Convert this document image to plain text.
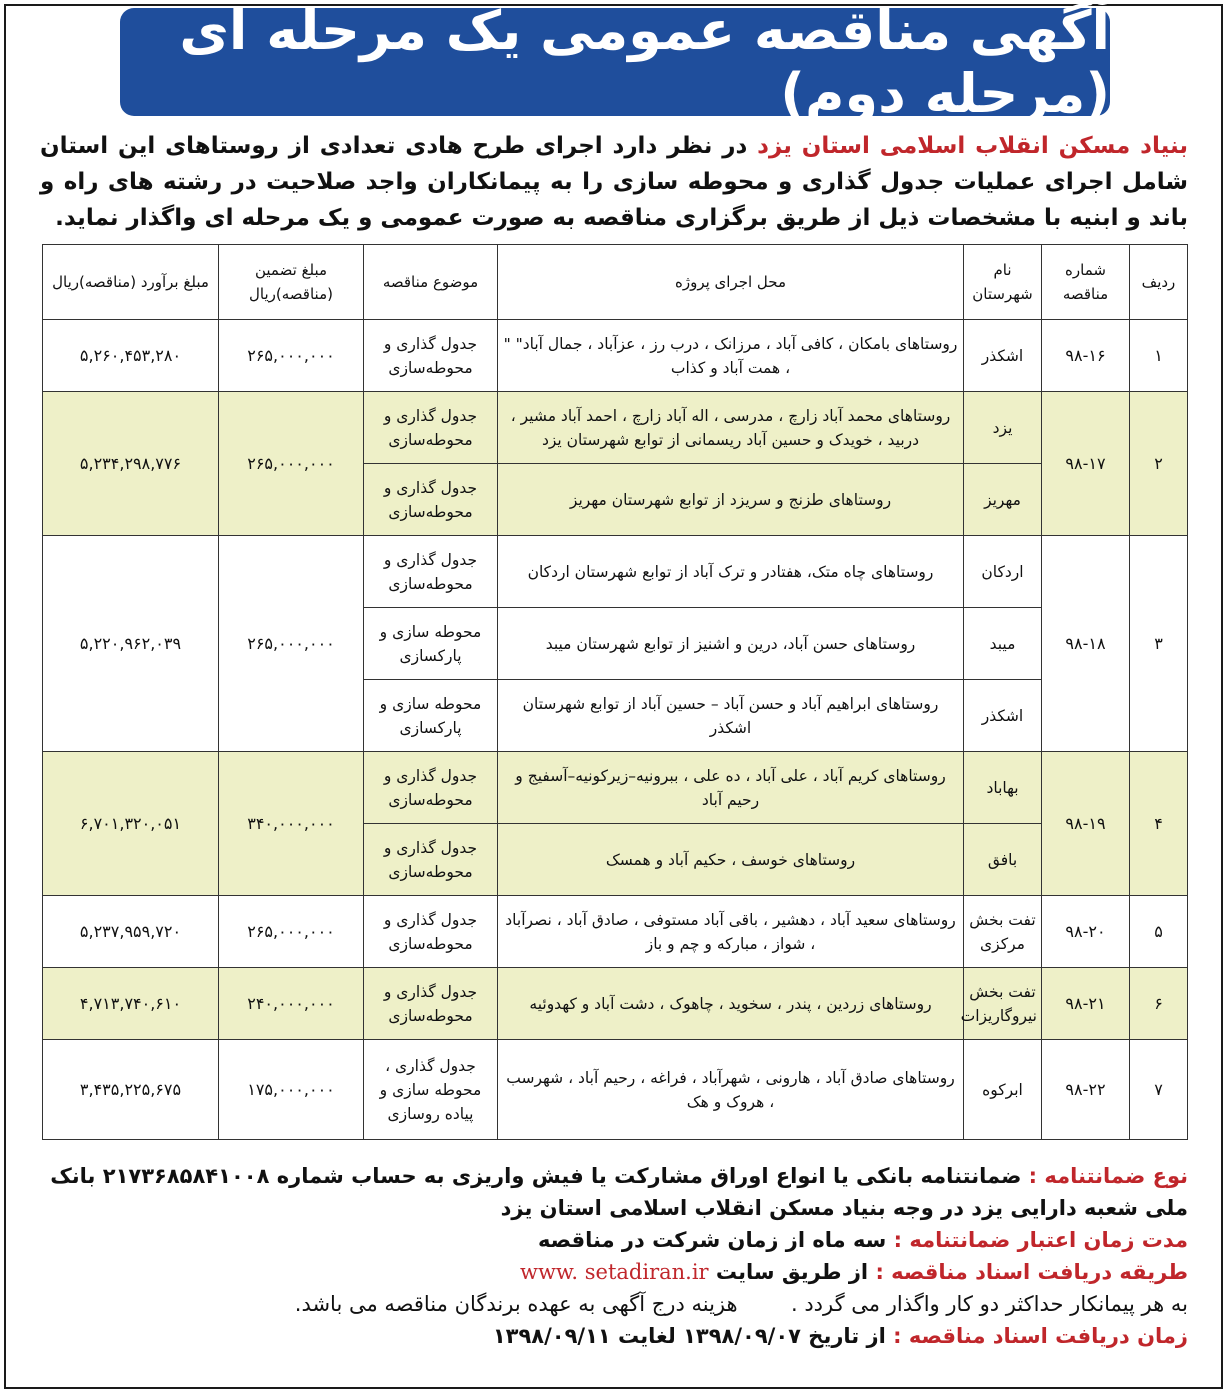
آگهی مناقصه عمومی یک مرحله ای (مرحله دوم)
بنیاد مسکن انقلاب اسلامی استان یزد در نظر دارد اجرای طرح هادی تعدادی از روستاهای این استان شامل اجرای عملیات جدول گذاری و محوطه سازی را به پیمانکاران واجد صلاحیت در رشته های راه و باند و ابنیه با مشخصات ذیل از طریق برگزاری مناقصه به صورت عمومی و یک مرحله ای واگذار نماید.
ردیف	شماره مناقصه	نام شهرستان	محل اجرای پروژه	موضوع مناقصه	مبلغ تضمین (مناقصه)ریال	مبلغ برآورد (مناقصه)ریال
۱	۹۸-۱۶	اشکذر	روستاهای بامکان ، کافی آباد ، مرزانک ، درب رز ، عزآباد ، جمال آباد" " ، همت آباد و کذاب	جدول گذاری و محوطه‌سازی	۲۶۵,۰۰۰,۰۰۰	۵,۲۶۰,۴۵۳,۲۸۰
۲	۹۸-۱۷	یزد	روستاهای محمد آباد زارچ ، مدرسی ، اله آباد زارچ ، احمد آباد مشیر ، دربید ، خویدک و حسین آباد ریسمانی از توابع شهرستان یزد	جدول گذاری و محوطه‌سازی	۲۶۵,۰۰۰,۰۰۰	۵,۲۳۴,۲۹۸,۷۷۶
		مهریز	روستاهای طزنج و سریزد از توابع شهرستان مهریز	جدول گذاری و محوطه‌سازی		
۳	۹۸-۱۸	اردکان	روستاهای چاه متک، هفتادر و ترک آباد از توابع شهرستان اردکان	جدول گذاری و محوطه‌سازی	۲۶۵,۰۰۰,۰۰۰	۵,۲۲۰,۹۶۲,۰۳۹
		میبد	روستاهای حسن آباد، درین و اشنیز از توابع شهرستان میبد	محوطه سازی و پارکسازی		
		اشکذر	روستاهای ابراهیم آباد و حسن آباد – حسین آباد از توابع شهرستان اشکذر	محوطه سازی و پارکسازی		
۴	۹۸-۱۹	بهاباد	روستاهای کریم آباد ، علی آباد ، ده علی ، ببرونیه–زیرکونیه–آسفیج و رحیم آباد	جدول گذاری و محوطه‌سازی	۳۴۰,۰۰۰,۰۰۰	۶,۷۰۱,۳۲۰,۰۵۱
		بافق	روستاهای خوسف ، حکیم آباد و همسک	جدول گذاری و محوطه‌سازی		
۵	۹۸-۲۰	تفت بخش مرکزی	روستاهای سعید آباد ، دهشیر ، باقی آباد مستوفی ، صادق آباد ، نصرآباد ، شواز ، مبارکه و چم و باز	جدول گذاری و محوطه‌سازی	۲۶۵,۰۰۰,۰۰۰	۵,۲۳۷,۹۵۹,۷۲۰
۶	۹۸-۲۱	تفت بخش نیروگاریزات	روستاهای زردین ، پندر ، سخوید ، چاهوک ، دشت آباد و کهدوئیه	جدول گذاری و محوطه‌سازی	۲۴۰,۰۰۰,۰۰۰	۴,۷۱۳,۷۴۰,۶۱۰
۷	۹۸-۲۲	ابرکوه	روستاهای صادق آباد ، هارونی ، شهرآباد ، فراغه ، رحیم آباد ، شهرسب ، هروک و هک	جدول گذاری ، محوطه سازی و پیاده روسازی	۱۷۵,۰۰۰,۰۰۰	۳,۴۳۵,۲۲۵,۶۷۵

نوع ضمانتنامه : ضمانتنامه بانکی یا انواع اوراق مشارکت یا فیش واریزی به حساب شماره ۲۱۷۳۶۸۵۸۴۱۰۰۸ بانک ملی شعبه دارایی یزد در وجه بنیاد مسکن انقلاب اسلامی استان یزد

مدت زمان اعتبار ضمانتنامه : سه ماه از زمان شرکت در مناقصه

طریقه دریافت اسناد مناقصه : از طریق سایت www. setadiran.ir

به هر پیمانکار حداکثر دو کار واگذار می گردد .        هزینه درج آگهی به عهده برندگان مناقصه می باشد.

زمان دریافت اسناد مناقصه : از تاریخ ۱۳۹۸/۰۹/۰۷ لغایت ۱۳۹۸/۰۹/۱۱
